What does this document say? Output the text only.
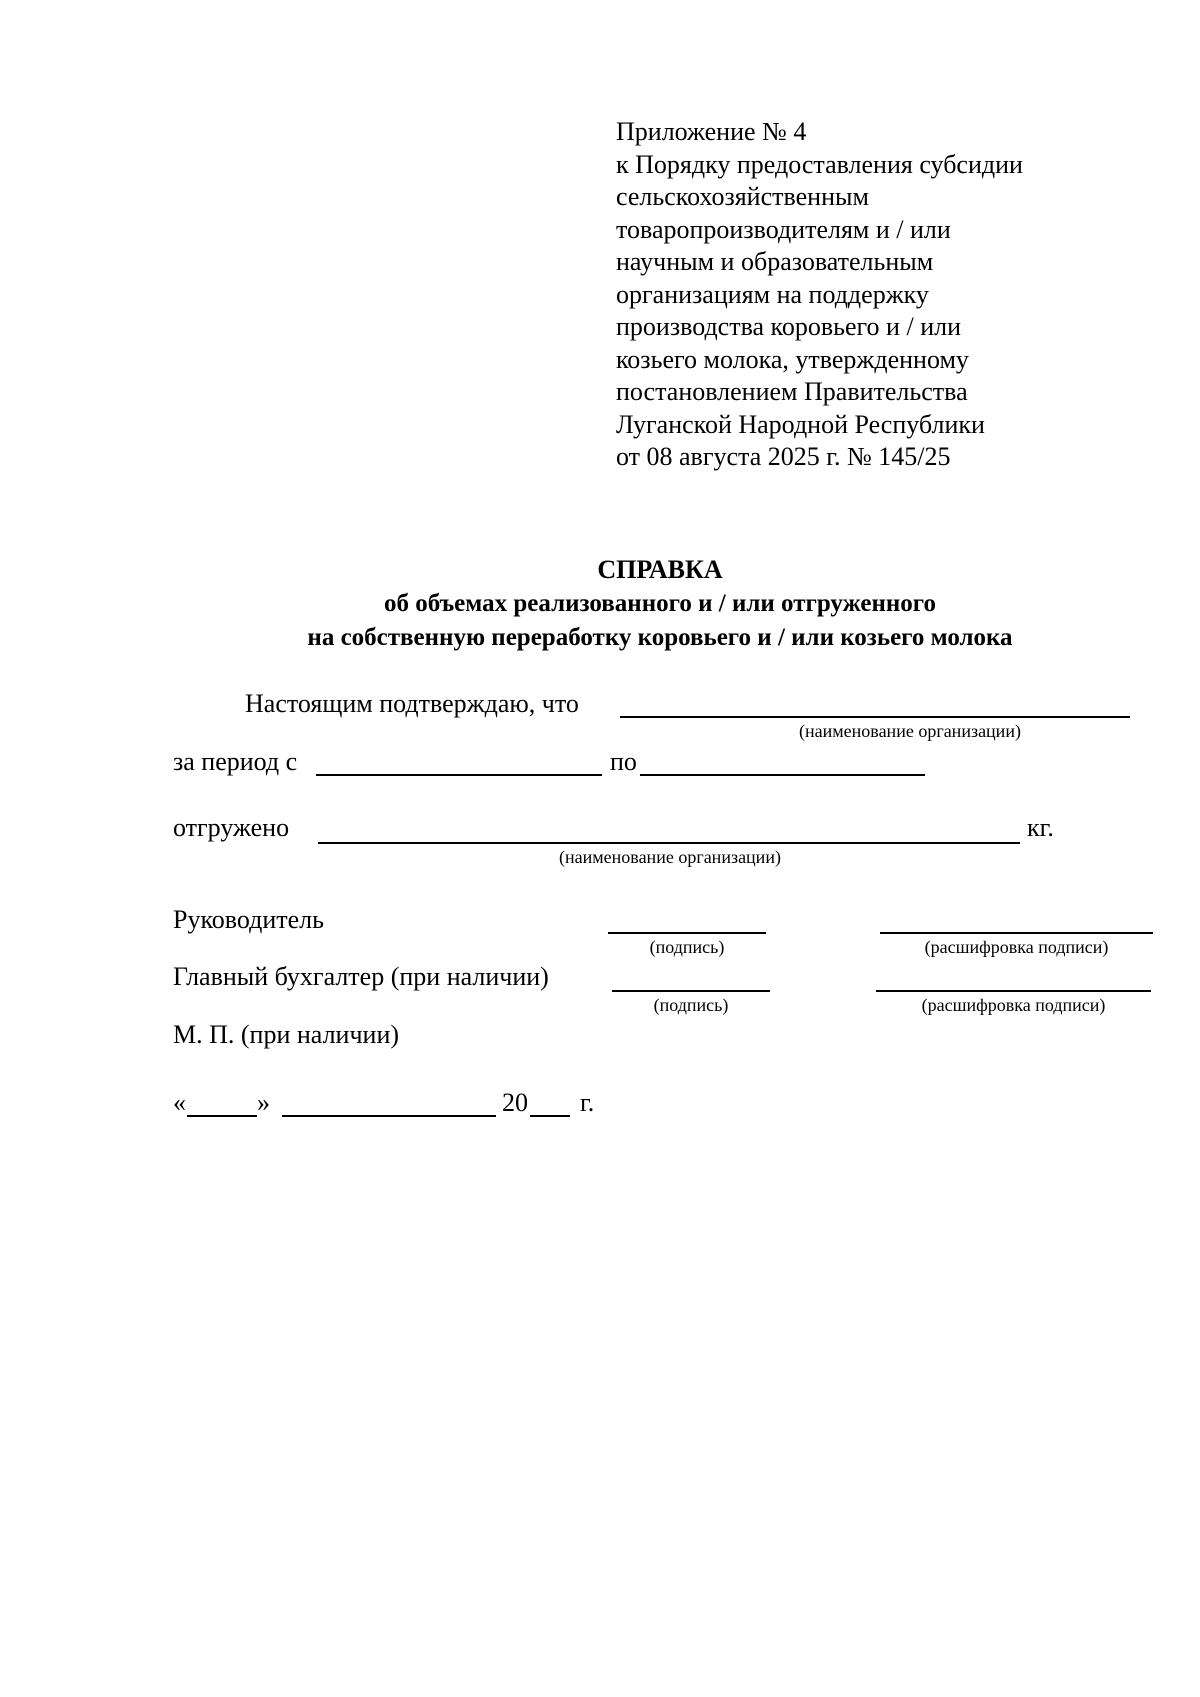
Приложение № 4
к Порядку предоставления субсидии
сельскохозяйственным
товаропроизводителям и / или
научным и образовательным
организациям на поддержку
производства коровьего и / или
козьего молока, утвержденному
постановлением Правительства
Луганской Народной Республики
от 08 августа 2025 г. № 145/25
СПРАВКА
об объемах реализованного и / или отгруженного
на собственную переработку коровьего и / или козьего молока
Настоящим подтверждаю, что
(наименование организации)
за период с	по
отгружено	кг.
(наименование организации)
Руководитель
(подпись)	(расшифровка подписи)
Главный бухгалтер (при наличии)
(подпись)	(расшифровка подписи)
М. П. (при наличии)
«	»	20 г.
